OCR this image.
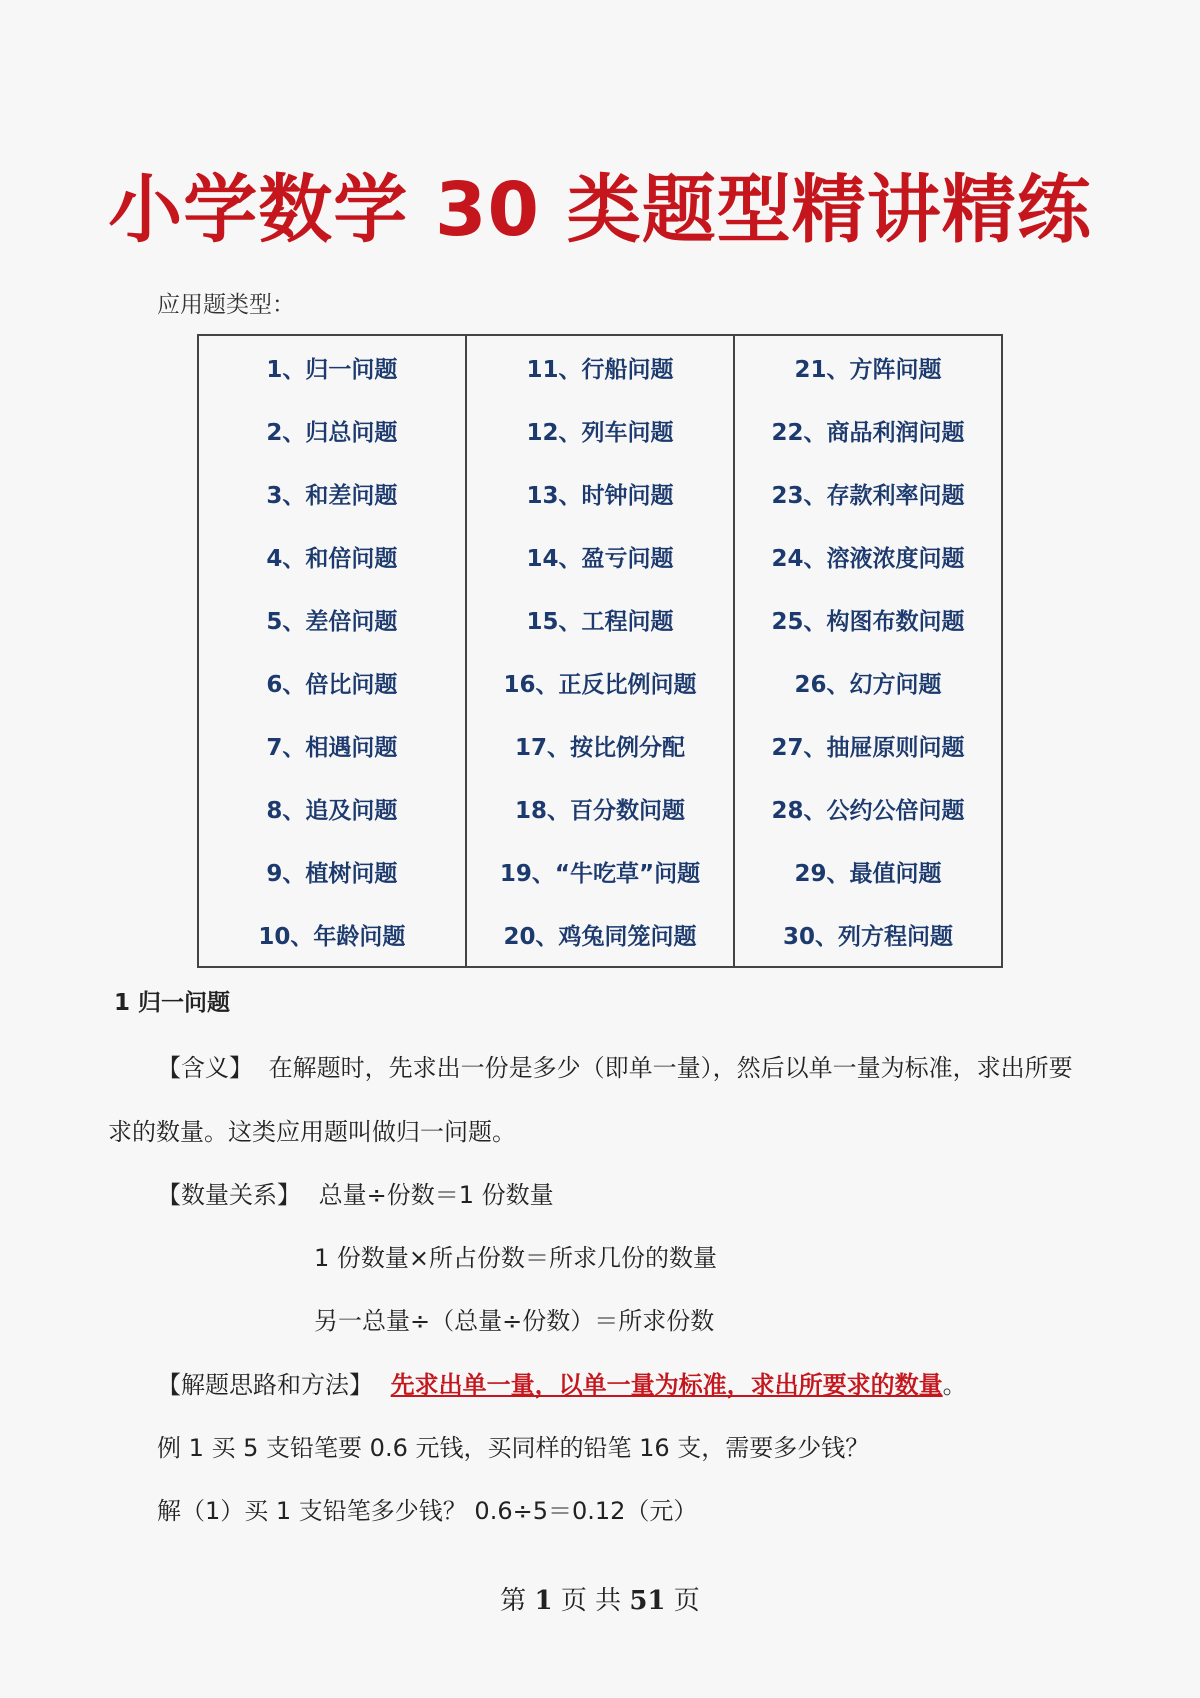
小学数学 30 类题型精讲精练
应用题类型：
1、归一问题	11、行船问题	21、方阵问题
2、归总问题	12、列车问题	22、商品利润问题
3、和差问题	13、时钟问题	23、存款利率问题
4、和倍问题	14、盈亏问题	24、溶液浓度问题
5、差倍问题	15、工程问题	25、构图布数问题
6、倍比问题	16、正反比例问题	26、幻方问题
7、相遇问题	17、按比例分配	27、抽屉原则问题
8、追及问题	18、百分数问题	28、公约公倍问题
9、植树问题	19、“牛吃草”问题	29、最值问题
10、年龄问题	20、鸡兔同笼问题	30、列方程问题
1 归一问题
【含义】 在解题时，先求出一份是多少（即单一量），然后以单一量为标准，求出所要
求的数量。这类应用题叫做归一问题。
【数量关系】 总量÷份数＝1 份数量
1 份数量×所占份数＝所求几份的数量
另一总量÷（总量÷份数）＝所求份数
【解题思路和方法】 先求出单一量，以单一量为标准，求出所要求的数量。
例 1 买 5 支铅笔要 0.6 元钱，买同样的铅笔 16 支，需要多少钱？
解（1）买 1 支铅笔多少钱？ 0.6÷5＝0.12（元）
第 1 页 共 51 页
